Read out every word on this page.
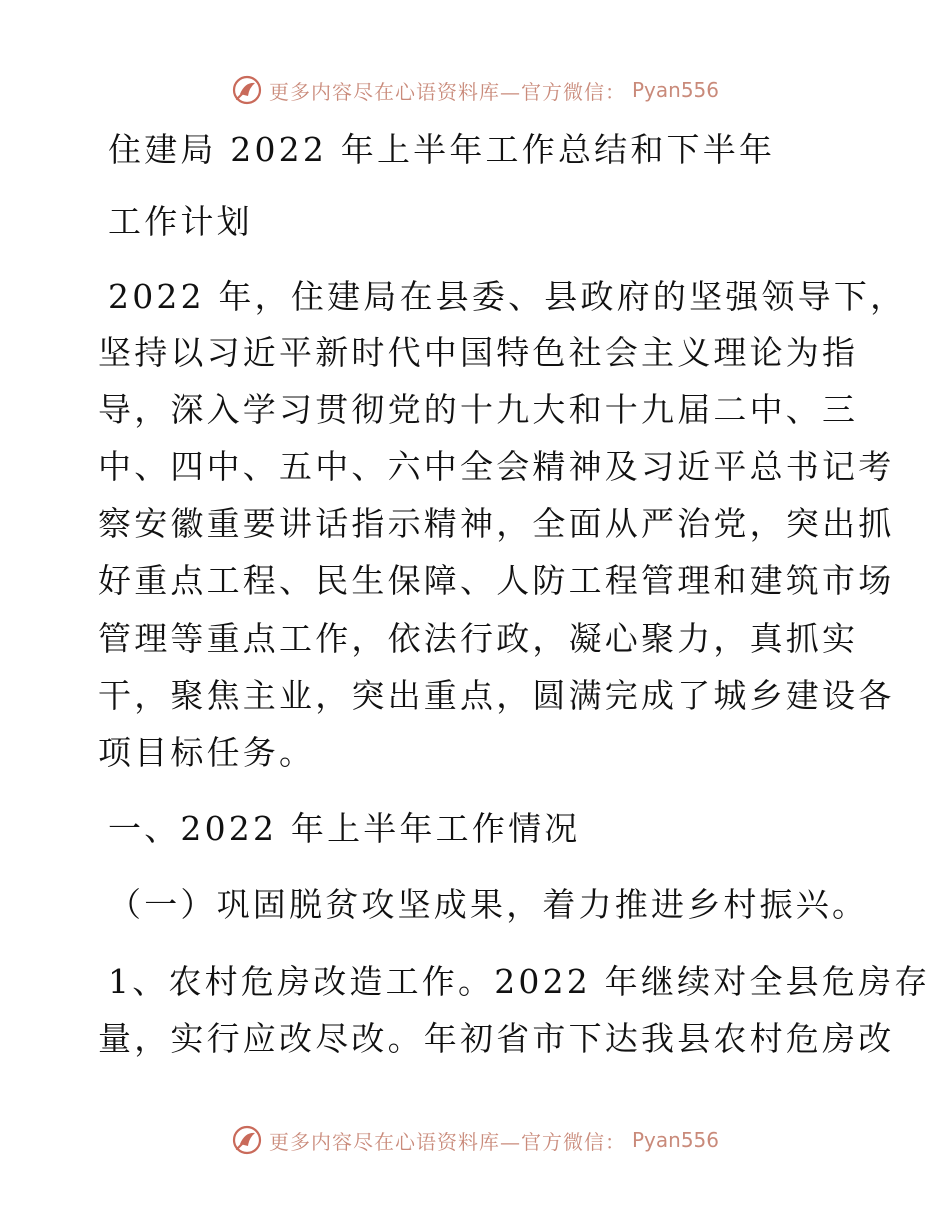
更多内容尽在心语资料库—官方微信： Pyan556
住建局 2022 年上半年工作总结和下半年
工作计划
2022 年，住建局在县委、县政府的坚强领导下，
坚持以习近平新时代中国特色社会主义理论为指
导，深入学习贯彻党的十九大和十九届二中、三
中、四中、五中、六中全会精神及习近平总书记考
察安徽重要讲话指示精神，全面从严治党，突出抓
好重点工程、民生保障、人防工程管理和建筑市场
管理等重点工作，依法行政，凝心聚力，真抓实
干，聚焦主业，突出重点，圆满完成了城乡建设各
项目标任务。
一、2022 年上半年工作情况
（一）巩固脱贫攻坚成果，着力推进乡村振兴。
1、农村危房改造工作。2022 年继续对全县危房存
量，实行应改尽改。年初省市下达我县农村危房改
更多内容尽在心语资料库—官方微信： Pyan556
